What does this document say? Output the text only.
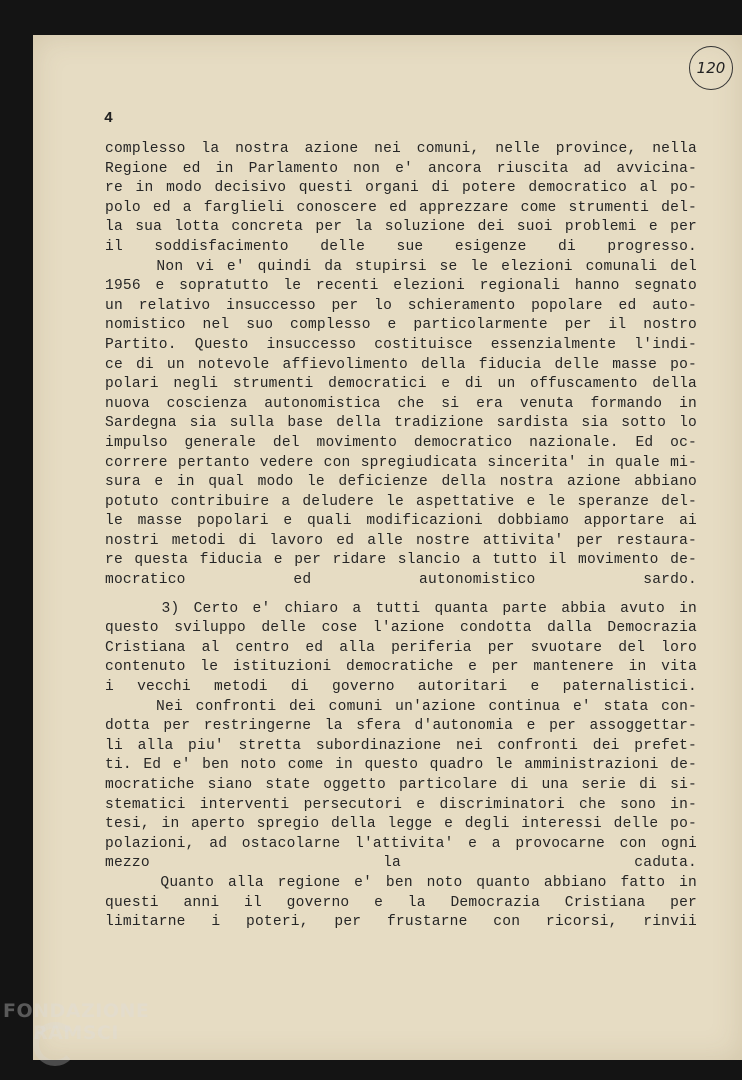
120
4
complesso la nostra azione nei comuni, nelle province, nella
Regione ed in Parlamento non e' ancora riuscita ad avvicina-
re in modo decisivo questi organi di potere democratico al po-
polo ed a farglieli conoscere ed apprezzare come strumenti del-
la sua lotta concreta per la soluzione dei suoi problemi e per
il soddisfacimento delle sue esigenze di progresso.
Non vi e' quindi da stupirsi se le elezioni comunali del
1956 e sopratutto le recenti elezioni regionali hanno segnato
un relativo insuccesso per lo schieramento popolare ed auto-
nomistico nel suo complesso e particolarmente per il nostro
Partito. Questo insuccesso costituisce essenzialmente l'indi-
ce di un notevole affievolimento della fiducia delle masse po-
polari negli strumenti democratici e di un offuscamento della
nuova coscienza autonomistica che si era venuta formando in
Sardegna sia sulla base della tradizione sardista sia sotto lo
impulso generale del movimento democratico nazionale. Ed oc-
correre pertanto vedere con spregiudicata sincerita' in quale mi-
sura e in qual modo le deficienze della nostra azione abbiano
potuto contribuire a deludere le aspettative e le speranze del-
le masse popolari e quali modificazioni dobbiamo apportare ai
nostri metodi di lavoro ed alle nostre attivita' per restaura-
re questa fiducia e per ridare slancio a tutto il movimento de-
mocratico ed autonomistico sardo.
3) Certo e' chiaro a tutti quanta parte abbia avuto in
questo sviluppo delle cose l'azione condotta dalla Democrazia
Cristiana al centro ed alla periferia per svuotare del loro
contenuto le istituzioni democratiche e per mantenere in vita
i vecchi metodi di governo autoritari e paternalistici.
Nei confronti dei comuni un'azione continua e' stata con-
dotta per restringerne la sfera d'autonomia e per assoggettar-
li alla piu' stretta subordinazione nei confronti dei prefet-
ti. Ed e' ben noto come in questo quadro le amministrazioni de-
mocratiche siano state oggetto particolare di una serie di si-
stematici interventi persecutori e discriminatori che sono in-
tesi, in aperto spregio della legge e degli interessi delle po-
polazioni, ad ostacolarne l'attivita' e a provocarne con ogni
mezzo la caduta.
Quanto alla regione e' ben noto quanto abbiano fatto in
questi anni il governo e la Democrazia Cristiana per
limitarne i poteri, per frustarne con ricorsi, rinvii
FONDAZIONE
RAMSCI
